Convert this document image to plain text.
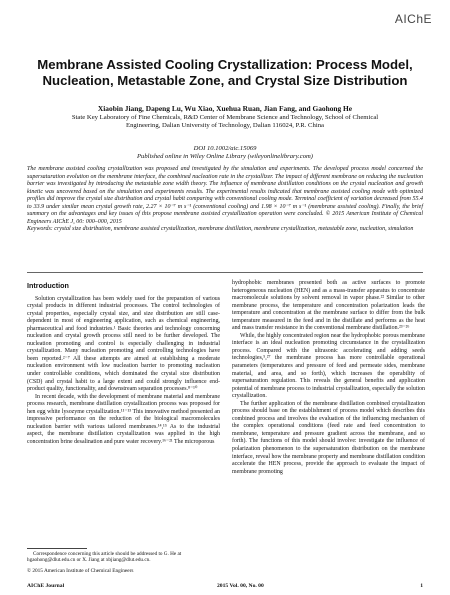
AIChE
Membrane Assisted Cooling Crystallization: Process Model,
Nucleation, Metastable Zone, and Crystal Size Distribution
Xiaobin Jiang, Dapeng Lu, Wu Xiao, Xuehua Ruan, Jian Fang, and Gaohong He
State Key Laboratory of Fine Chemicals, R&D Center of Membrane Science and Technology, School of Chemical
Engineering, Dalian University of Technology, Dalian 116024, P.R. China
DOI 10.1002/aic.15069
Published online in Wiley Online Library (wileyonlinelibrary.com)
The membrane assisted cooling crystallization was proposed and investigated by the simulation and experiments. The developed process model concerned the supersaturation evolution on the membrane interface, the combined nucleation rate in the crystallizer. The impact of different membrane on reducing the nucleation barrier was investigated by introducing the metastable zone width theory. The influence of membrane distillation conditions on the crystal nucleation and growth kinetic was uncovered based on the simulation and experiments results. The experimental results indicated that membrane assisted cooling mode with optimized profiles did improve the crystal size distribution and crystal habit comparing with conventional cooling mode. Terminal coefficient of variation decreased from 55.4 to 33.9 under similar mean crystal growth rate, 2.27 × 10⁻⁷ m s⁻¹ (conventional cooling) and 1.98 × 10⁻⁷ m s⁻¹ (membrane assisted cooling). Finally, the brief summary on the advantages and key issues of this propose membrane assisted crystallization operation were concluded. © 2015 American Institute of Chemical Engineers AIChE J, 00: 000–000, 2015
Keywords: crystal size distribution, membrane assisted crystallization, membrane distillation, membrane crystallization, metastable zone, nucleation, simulation
Introduction

Solution crystallization has been widely used for the preparation of various crystal products in different industrial processes. The control technologies of crystal properties, especially crystal size, and size distribution are still case-dependent in most of engineering application, such as chemical engineering, pharmaceutical and food industries.¹ Basic theories and technology concerning nucleation and crystal growth process still need to be further developed. The nucleation promoting and control is especially challenging in industrial crystallization. Many nucleation promoting and controlling technologies have been reported.²⁻⁷ All these attempts are aimed at establishing a moderate nucleation environment with low nucleation barrier to promoting nucleation under controllable conditions, which dominated the crystal size distribution (CSD) and crystal habit to a large extent and could strongly influence end-product quality, functionality, and downstream separation processes.⁸⁻¹⁰

In recent decade, with the development of membrane material and membrane process research, membrane distillation crystallization process was proposed for hen egg white lysozyme crystallization.¹¹⁻¹³ This innovative method presented an impressive performance on the reduction of the biological macromolecules nucleation barrier with various tailored membranes.¹⁴,¹⁵ As to the industrial aspect, the membrane distillation crystallization was applied in the high concentration brine desalination and pure water recovery.¹⁶⁻²¹ The microporous

hydrophobic membranes presented both as active surfaces to promote heterogeneous nucleation (HEN) and as a mass-transfer apparatus to concentrate macromolecule solutions by solvent removal in vapor phase.²² Similar to other membrane process, the temperature and concentration polarization leads the temperature and concentration at the membrane surface to differ from the bulk temperature measured in the feed and in the distillate and performs as the heat and mass transfer resistance in the conventional membrane distillation.²³⁻²⁶

While, the highly concentrated region near the hydrophobic porous membrane interface is an ideal nucleation promoting circumstance in the crystallization process. Compared with the ultrasonic accelerating and adding seeds technologies,⁵,²⁷ the membrane process has more controllable operational parameters (temperatures and pressure of feed and permeate sides, membrane material, and area, and so forth), which increases the operability of supersaturation regulation. This reveals the general benefits and application potential of membrane process to industrial crystallization, especially the solution crystallization.

The further application of the membrane distillation combined crystallization process should base on the establishment of process model which describes this combined process and involves the evaluation of the influencing mechanism of the complex operational conditions (feed rate and feed concentration to membrane, temperature and pressure gradient across the membrane, and so forth). The functions of this model should involve: investigate the influence of polarization phenomenon to the supersaturation distribution on the membrane interface, reveal how the membrane property and membrane distillation condition accelerate the HEN process, provide the approach to evaluate the impact of membrane promoting

Correspondence concerning this article should be addressed to G. He at hgaohong@dlut.edu.cn or X. Jiang at xbjiang@dlut.edu.cn.
© 2015 American Institute of Chemical Engineers
AIChE Journal	2015 Vol. 00, No. 00	1
